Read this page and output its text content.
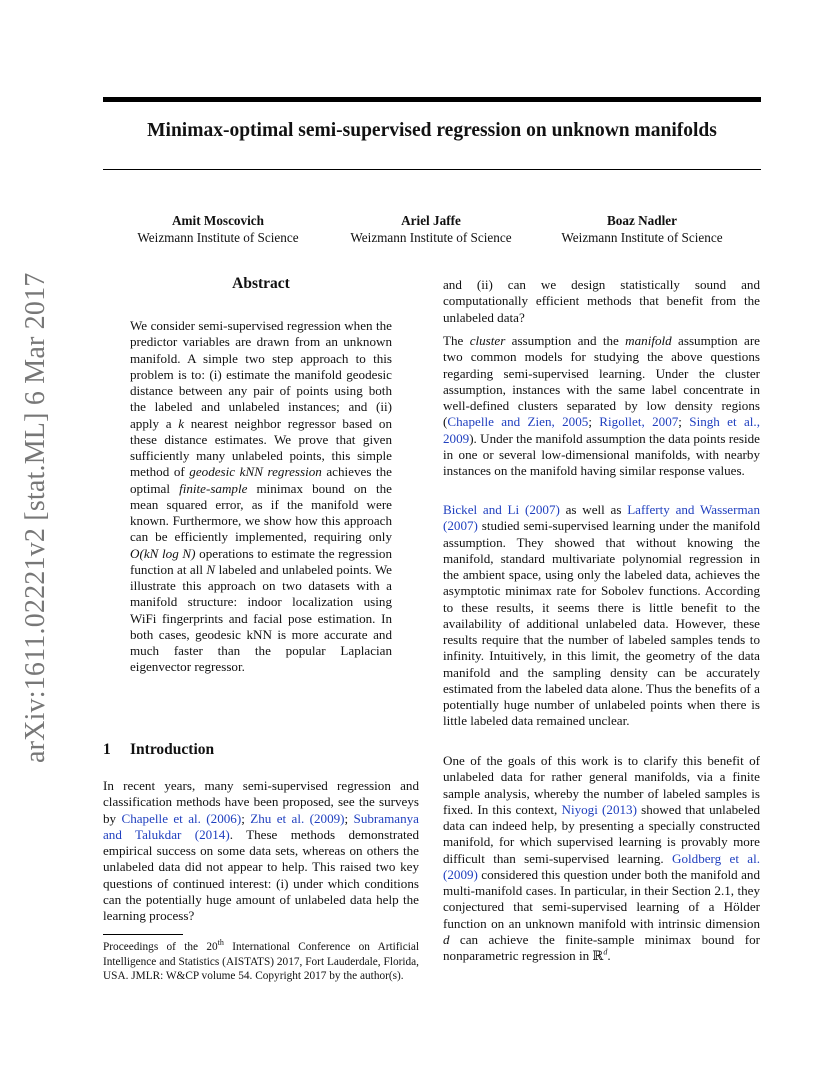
Minimax-optimal semi-supervised regression on unknown manifolds
Amit Moscovich
Weizmann Institute of Science
Ariel Jaffe
Weizmann Institute of Science
Boaz Nadler
Weizmann Institute of Science
arXiv:1611.02221v2 [stat.ML] 6 Mar 2017	Abstract

We consider semi-supervised regression when the predictor variables are drawn from an unknown manifold. A simple two step approach to this problem is to: (i) estimate the manifold geodesic distance between any pair of points using both the labeled and unlabeled instances; and (ii) apply a k nearest neighbor regressor based on these distance estimates. We prove that given sufficiently many unlabeled points, this simple method of geodesic kNN regression achieves the optimal finite-sample minimax bound on the mean squared error, as if the manifold were known. Furthermore, we show how this approach can be efficiently implemented, requiring only O(kN log N) operations to estimate the regression function at all N labeled and unlabeled points. We illustrate this approach on two datasets with a manifold structure: indoor localization using WiFi fingerprints and facial pose estimation. In both cases, geodesic kNN is more accurate and much faster than the popular Laplacian eigenvector regressor.

1 Introduction

In recent years, many semi-supervised regression and classification methods have been proposed, see the surveys by Chapelle et al. (2006); Zhu et al. (2009); Subramanya and Talukdar (2014). These methods demonstrated empirical success on some data sets, whereas on others the unlabeled data did not appear to help. This raised two key questions of continued interest: (i) under which conditions can the potentially huge amount of unlabeled data help the learning process?

Proceedings of the 20th International Conference on Artificial Intelligence and Statistics (AISTATS) 2017, Fort Lauderdale, Florida, USA. JMLR: W&CP volume 54. Copyright 2017 by the author(s).

and (ii) can we design statistically sound and computationally efficient methods that benefit from the unlabeled data?

The cluster assumption and the manifold assumption are two common models for studying the above questions regarding semi-supervised learning. Under the cluster assumption, instances with the same label concentrate in well-defined clusters separated by low density regions (Chapelle and Zien, 2005; Rigollet, 2007; Singh et al., 2009). Under the manifold assumption the data points reside in one or several low-dimensional manifolds, with nearby instances on the manifold having similar response values.

Bickel and Li (2007) as well as Lafferty and Wasserman (2007) studied semi-supervised learning under the manifold assumption. They showed that without knowing the manifold, standard multivariate polynomial regression in the ambient space, using only the labeled data, achieves the asymptotic minimax rate for Sobolev functions. According to these results, it seems there is little benefit to the availability of additional unlabeled data. However, these results require that the number of labeled samples tends to infinity. Intuitively, in this limit, the geometry of the data manifold and the sampling density can be accurately estimated from the labeled data alone. Thus the benefits of a potentially huge number of unlabeled points when there is little labeled data remained unclear.

One of the goals of this work is to clarify this benefit of unlabeled data for rather general manifolds, via a finite sample analysis, whereby the number of labeled samples is fixed. In this context, Niyogi (2013) showed that unlabeled data can indeed help, by presenting a specially constructed manifold, for which supervised learning is provably more difficult than semi-supervised learning. Goldberg et al. (2009) considered this question under both the manifold and multi-manifold cases. In particular, in their Section 2.1, they conjectured that semi-supervised learning of a Hölder function on an unknown manifold with intrinsic dimension d can achieve the finite-sample minimax bound for nonparametric regression in ℝ$^d$.
